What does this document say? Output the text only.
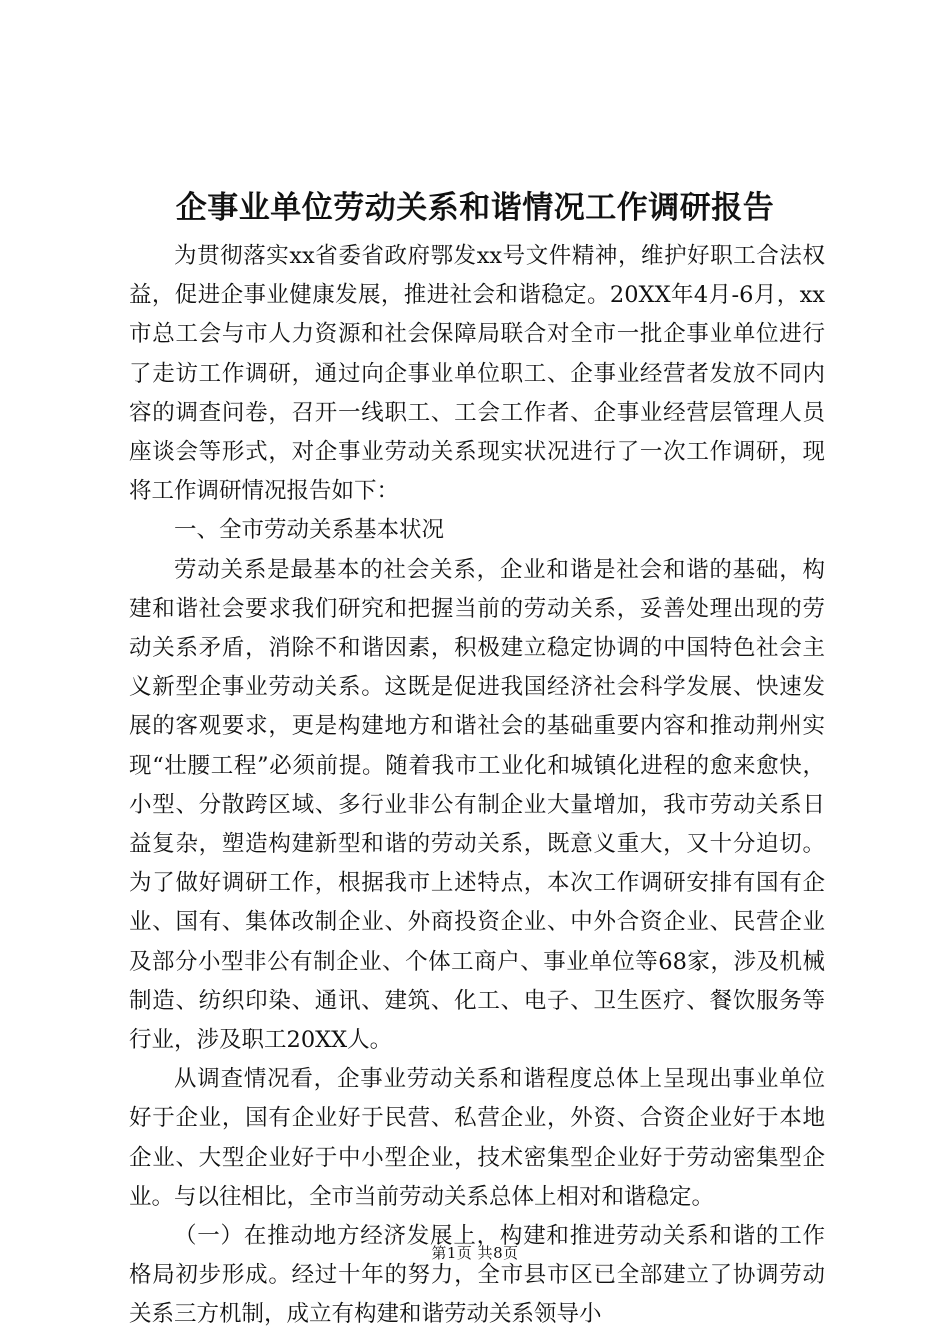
企事业单位劳动关系和谐情况工作调研报告

为贯彻落实xx省委省政府鄂发xx号文件精神，维护好职工合法权益，促进企事业健康发展，推进社会和谐稳定。20XX年4月-6月，xx市总工会与市人力资源和社会保障局联合对全市一批企事业单位进行了走访工作调研，通过向企事业单位职工、企事业经营者发放不同内容的调查问卷，召开一线职工、工会工作者、企事业经营层管理人员座谈会等形式，对企事业劳动关系现实状况进行了一次工作调研，现将工作调研情况报告如下：

一、全市劳动关系基本状况

劳动关系是最基本的社会关系，企业和谐是社会和谐的基础，构建和谐社会要求我们研究和把握当前的劳动关系，妥善处理出现的劳动关系矛盾，消除不和谐因素，积极建立稳定协调的中国特色社会主义新型企事业劳动关系。这既是促进我国经济社会科学发展、快速发展的客观要求，更是构建地方和谐社会的基础重要内容和推动荆州实现“壮腰工程”必须前提。随着我市工业化和城镇化进程的愈来愈快，小型、分散跨区域、多行业非公有制企业大量增加，我市劳动关系日益复杂，塑造构建新型和谐的劳动关系，既意义重大，又十分迫切。为了做好调研工作，根据我市上述特点，本次工作调研安排有国有企业、国有、集体改制企业、外商投资企业、中外合资企业、民营企业及部分小型非公有制企业、个体工商户、事业单位等68家，涉及机械制造、纺织印染、通讯、建筑、化工、电子、卫生医疗、餐饮服务等行业，涉及职工20XX人。

从调查情况看，企事业劳动关系和谐程度总体上呈现出事业单位好于企业，国有企业好于民营、私营企业，外资、合资企业好于本地企业、大型企业好于中小型企业，技术密集型企业好于劳动密集型企业。与以往相比，全市当前劳动关系总体上相对和谐稳定。

（一）在推动地方经济发展上，构建和推进劳动关系和谐的工作格局初步形成。经过十年的努力，全市县市区已全部建立了协调劳动关系三方机制，成立有构建和谐劳动关系领导小

第1页 共8页
